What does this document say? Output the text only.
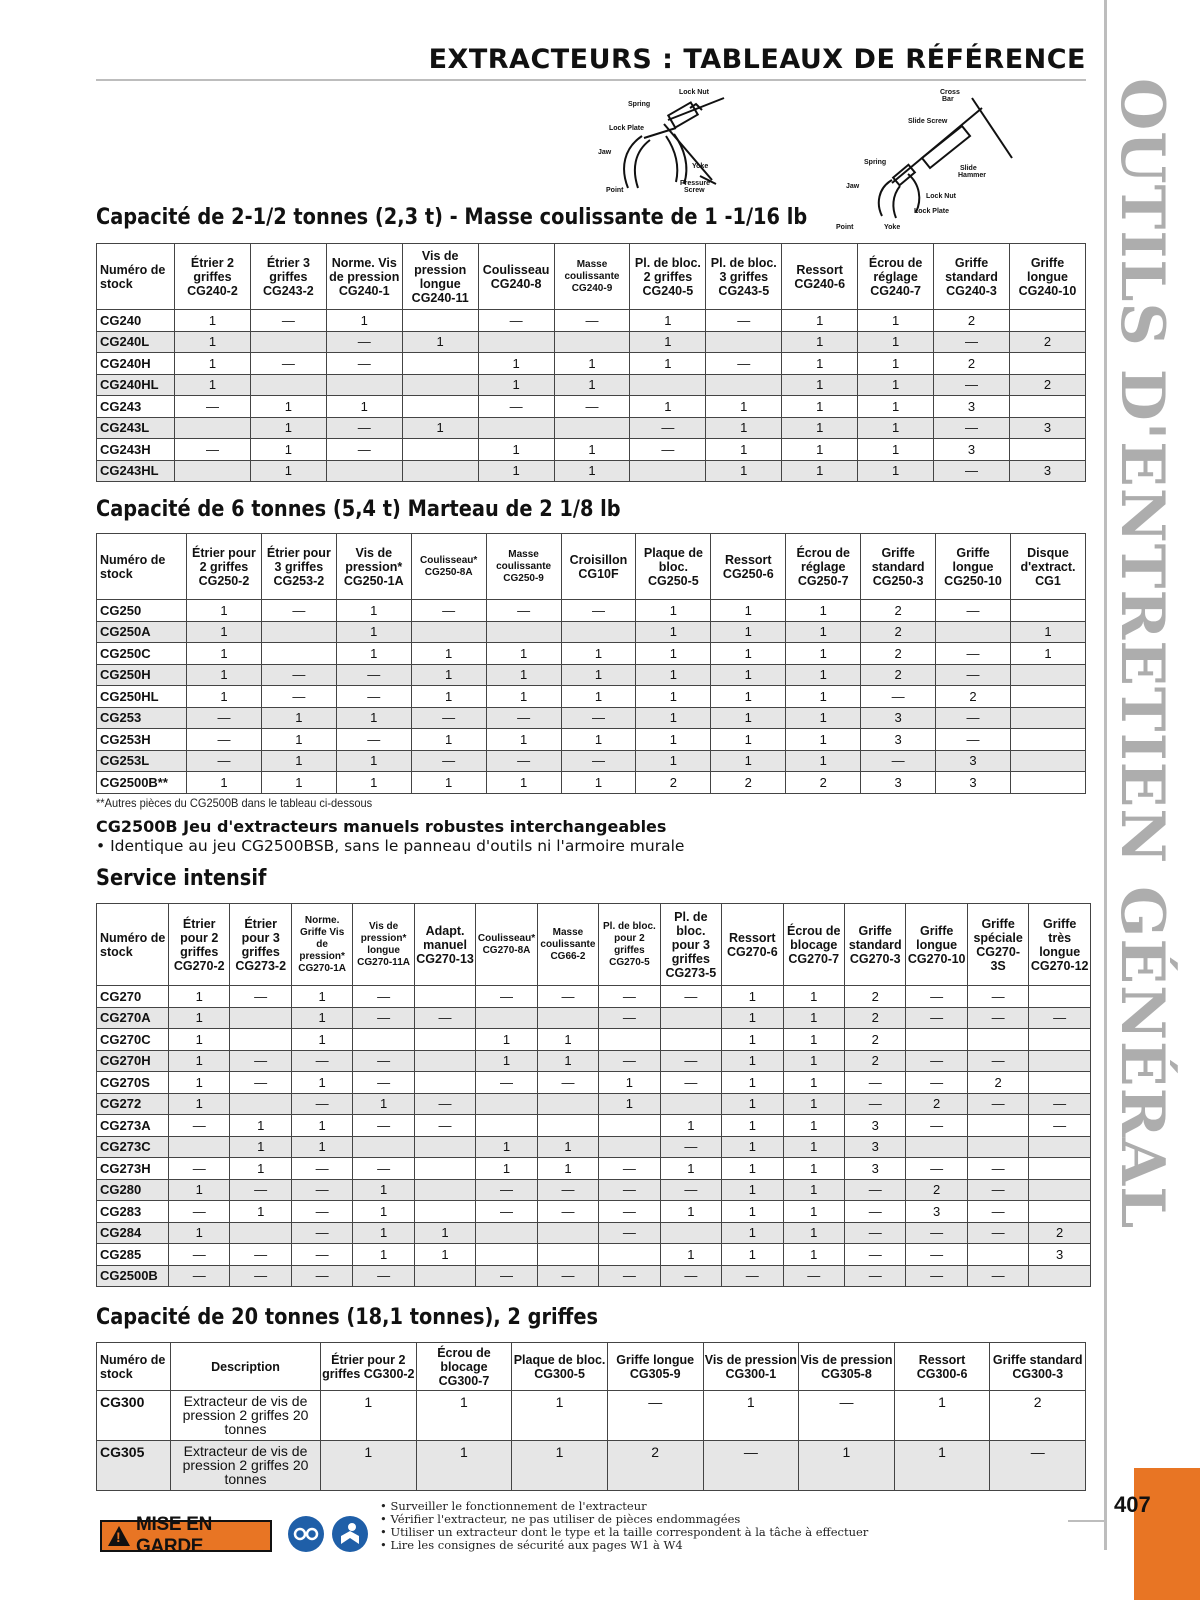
EXTRACTEURS : TABLEAUX DE RÉFÉRENCE
OUTILS D'ENTRETIEN GÉNÉRAL
407
Lock Nut
Spring
Lock Plate
Jaw
Yoke
Pressure
Screw
Point
Cross
Bar
Slide Screw
Spring
Slide
Hammer
Jaw
Lock Nut
Lock Plate
Point	Yoke
Capacité de 2-1/2 tonnes (2,3 t) - Masse coulissante de 1 -1/16 lb
Numéro de stock	Étrier 2 griffes CG240-2	Étrier 3 griffes CG243-2	Norme. Vis de pression CG240-1	Vis de pression longue CG240-11	Coulisseau CG240-8	Masse coulissante CG240-9	Pl. de bloc. 2 griffes CG240-5	Pl. de bloc. 3 griffes CG243-5	Ressort CG240-6	Écrou de réglage CG240-7	Griffe standard CG240-3	Griffe longue CG240-10
CG240	1	—	1		—	—	1	—	1	1	2	
CG240L	1		—	1			1		1	1	—	2
CG240H	1	—	—		1	1	1	—	1	1	2	
CG240HL	1				1	1			1	1	—	2
CG243	—	1	1		—	—	1	1	1	1	3	
CG243L		1	—	1			—	1	1	1	—	3
CG243H	—	1	—		1	1	—	1	1	1	3	
CG243HL		1			1	1		1	1	1	—	3
Capacité de 6 tonnes (5,4 t) Marteau de 2 1/8 lb
Numéro de stock	Étrier pour 2 griffes CG250-2	Étrier pour 3 griffes CG253-2	Vis de pression* CG250-1A	Coulisseau* CG250-8A	Masse coulissante CG250-9	Croisillon CG10F	Plaque de bloc. CG250-5	Ressort CG250-6	Écrou de réglage CG250-7	Griffe standard CG250-3	Griffe longue CG250-10	Disque d'extract. CG1
CG250	1	—	1	—	—	—	1	1	1	2	—	
CG250A	1		1				1	1	1	2		1
CG250C	1		1	1	1	1	1	1	1	2	—	1
CG250H	1	—	—	1	1	1	1	1	1	2	—	
CG250HL	1	—	—	1	1	1	1	1	1	—	2	
CG253	—	1	1	—	—	—	1	1	1	3	—	
CG253H	—	1	—	1	1	1	1	1	1	3	—	
CG253L	—	1	1	—	—	—	1	1	1	—	3	
CG2500B**	1	1	1	1	1	1	2	2	2	3	3	
**Autres pièces du CG2500B dans le tableau ci-dessous
CG2500B Jeu d'extracteurs manuels robustes interchangeables
• Identique au jeu CG2500BSB, sans le panneau d'outils ni l'armoire murale
Service intensif
Numéro de stock	Étrier pour 2 griffes CG270-2	Étrier pour 3 griffes CG273-2	Norme. Griffe Vis de pression* CG270-1A	Vis de pression* longue CG270-11A	Adapt. manuel CG270-13	Coulisseau* CG270-8A	Masse coulissante CG66-2	Pl. de bloc. pour 2 griffes CG270-5	Pl. de bloc. pour 3 griffes CG273-5	Ressort CG270-6	Écrou de blocage CG270-7	Griffe standard CG270-3	Griffe longue CG270-10	Griffe spéciale CG270-3S	Griffe très longue CG270-12
CG270	1	—	1	—		—	—	—	—	1	1	2	—	—	
CG270A	1		1	—	—			—		1	1	2	—	—	—
CG270C	1		1			1	1			1	1	2			
CG270H	1	—	—	—		1	1	—	—	1	1	2	—	—	
CG270S	1	—	1	—		—	—	1	—	1	1	—	—	2	
CG272	1		—	1	—			1		1	1	—	2	—	—
CG273A	—	1	1	—	—				1	1	1	3	—		—
CG273C		1	1			1	1		—	1	1	3			
CG273H	—	1	—	—		1	1	—	1	1	1	3	—	—	
CG280	1	—	—	1		—	—	—	—	1	1	—	2	—	
CG283	—	1	—	1		—	—	—	1	1	1	—	3	—	
CG284	1		—	1	1			—		1	1	—	—	—	2
CG285	—	—	—	1	1				1	1	1	—	—		3
CG2500B	—	—	—	—		—	—	—	—	—	—	—	—	—	
Capacité de 20 tonnes (18,1 tonnes), 2 griffes
Numéro de stock	Description	Étrier pour 2 griffes CG300-2	Écrou de blocage CG300-7	Plaque de bloc. CG300-5	Griffe longue CG305-9	Vis de pression CG300-1	Vis de pression CG305-8	Ressort CG300-6	Griffe standard CG300-3
CG300	Extracteur de vis de pression 2 griffes 20 tonnes	1	1	1	—	1	—	1	2
CG305	Extracteur de vis de pression 2 griffes 20 tonnes	1	1	1	2	—	1	1	—
!
MISE EN GARDE
• Surveiller le fonctionnement de l'extracteur
• Vérifier l'extracteur, ne pas utiliser de pièces endommagées
• Utiliser un extracteur dont le type et la taille correspondent à la tâche à effectuer
• Lire les consignes de sécurité aux pages W1 à W4
